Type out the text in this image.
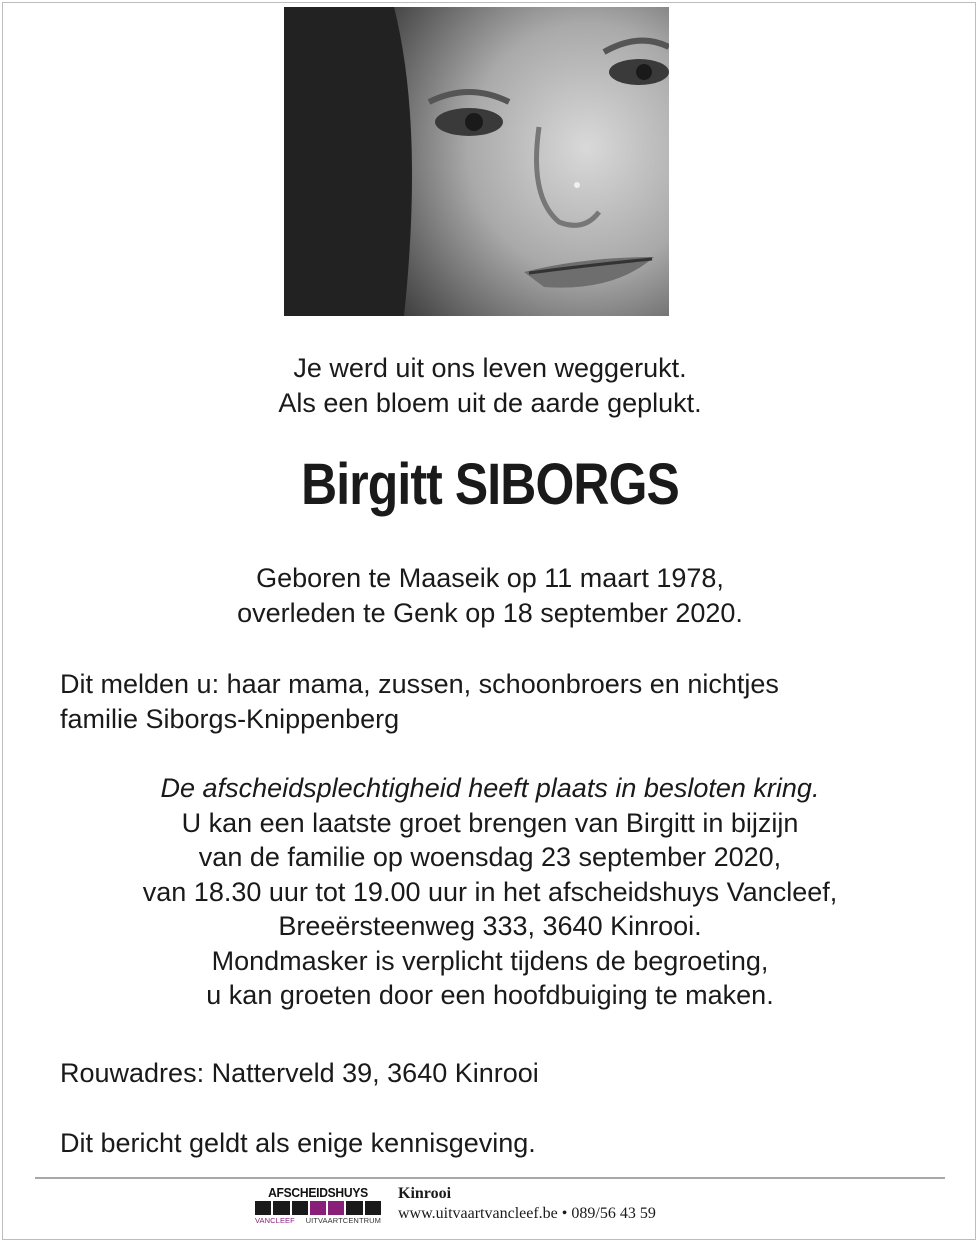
Je werd uit ons leven weggerukt.
Als een bloem uit de aarde geplukt.
Birgitt SIBORGS
Geboren te Maaseik op 11 maart 1978,
overleden te Genk op 18 september 2020.
Dit melden u: haar mama, zussen, schoonbroers en nichtjes
familie Siborgs-Knippenberg
De afscheidsplechtigheid heeft plaats in besloten kring.
U kan een laatste groet brengen van Birgitt in bijzijn
van de familie op woensdag 23 september 2020,
van 18.30 uur tot 19.00 uur in het afscheidshuys Vancleef,
Breeërsteenweg 333, 3640 Kinrooi.
Mondmasker is verplicht tijdens de begroeting,
u kan groeten door een hoofdbuiging te maken.
Rouwadres: Natterveld 39, 3640 Kinrooi
Dit bericht geldt als enige kennisgeving.
AFSCHEIDSHUYS
VANCLEEF UITVAARTCENTRUM
Kinrooi
www.uitvaartvancleef.be • 089/56 43 59
